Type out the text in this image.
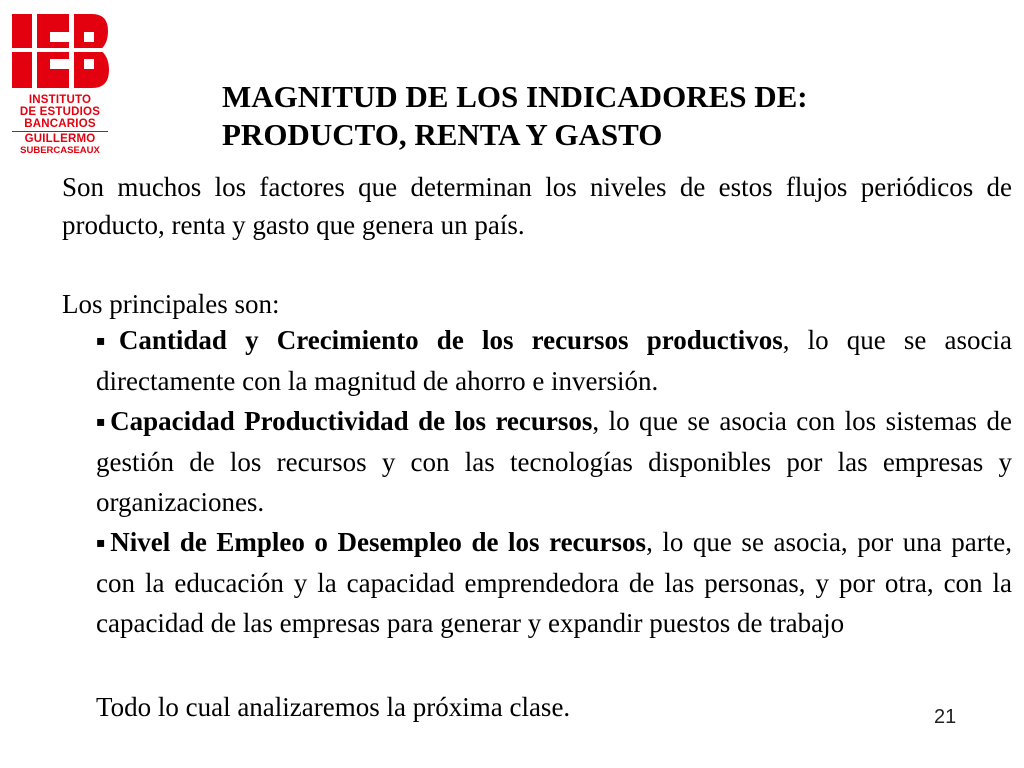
INSTITUTO
DE ESTUDIOS
BANCARIOS
GUILLERMO
SUBERCASEAUX
MAGNITUD DE LOS INDICADORES DE:
PRODUCTO, RENTA Y GASTO

Son muchos los factores que determinan los niveles de estos flujos periódicos de producto, renta y gasto que genera un país.

Los principales son:

▪Cantidad y Crecimiento de los recursos productivos, lo que se asocia directamente con la magnitud de ahorro e inversión.
▪Capacidad Productividad de los recursos, lo que se asocia con los sistemas de gestión de los recursos y con las tecnologías disponibles por las empresas y organizaciones.
▪Nivel de Empleo o Desempleo de los recursos, lo que se asocia, por una parte, con la educación y la capacidad emprendedora de las personas, y por otra, con la capacidad de las empresas para generar y expandir puestos de trabajo

Todo lo cual analizaremos la próxima clase.	21
